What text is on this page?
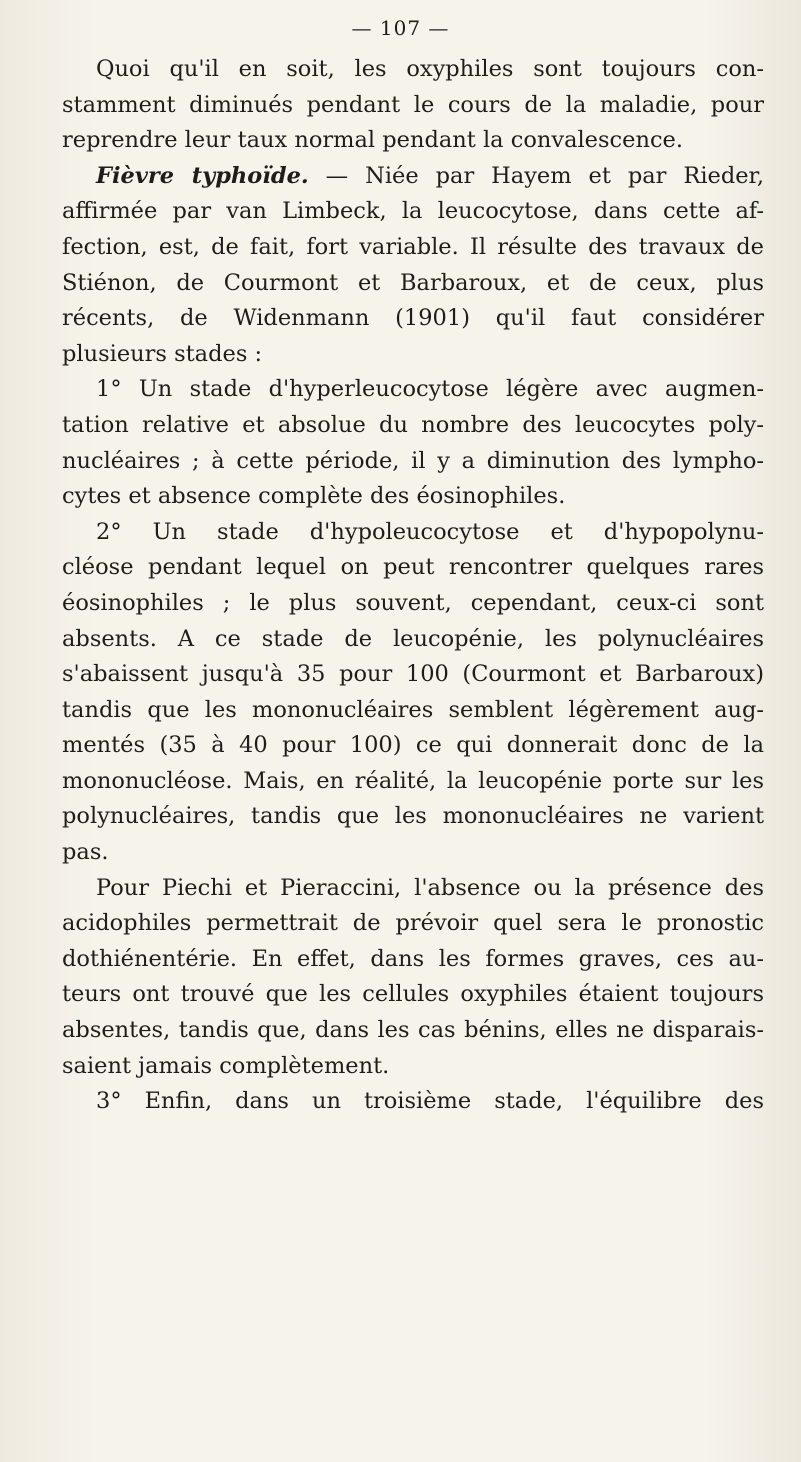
— 107 —
Quoi qu'il en soit, les oxyphiles sont toujours con-
stamment diminués pendant le cours de la maladie, pour
reprendre leur taux normal pendant la convalescence.
Fièvre typhoïde. — Niée par Hayem et par Rieder,
affirmée par van Limbeck, la leucocytose, dans cette af-
fection, est, de fait, fort variable. Il résulte des travaux de
Stiénon, de Courmont et Barbaroux, et de ceux, plus
récents, de Widenmann (1901) qu'il faut considérer
plusieurs stades :
1° Un stade d'hyperleucocytose légère avec augmen-
tation relative et absolue du nombre des leucocytes poly-
nucléaires ; à cette période, il y a diminution des lympho-
cytes et absence complète des éosinophiles.
2° Un stade d'hypoleucocytose et d'hypopolynu-
cléose pendant lequel on peut rencontrer quelques rares
éosinophiles ; le plus souvent, cependant, ceux-ci sont
absents. A ce stade de leucopénie, les polynucléaires
s'abaissent jusqu'à 35 pour 100 (Courmont et Barbaroux)
tandis que les mononucléaires semblent légèrement aug-
mentés (35 à 40 pour 100) ce qui donnerait donc de la
mononucléose. Mais, en réalité, la leucopénie porte sur les
polynucléaires, tandis que les mononucléaires ne varient
pas.
Pour Piechi et Pieraccini, l'absence ou la présence des
acidophiles permettrait de prévoir quel sera le pronostic
dothiénentérie. En effet, dans les formes graves, ces au-
teurs ont trouvé que les cellules oxyphiles étaient toujours
absentes, tandis que, dans les cas bénins, elles ne disparais-
saient jamais complètement.
3° Enfin, dans un troisième stade, l'équilibre des
